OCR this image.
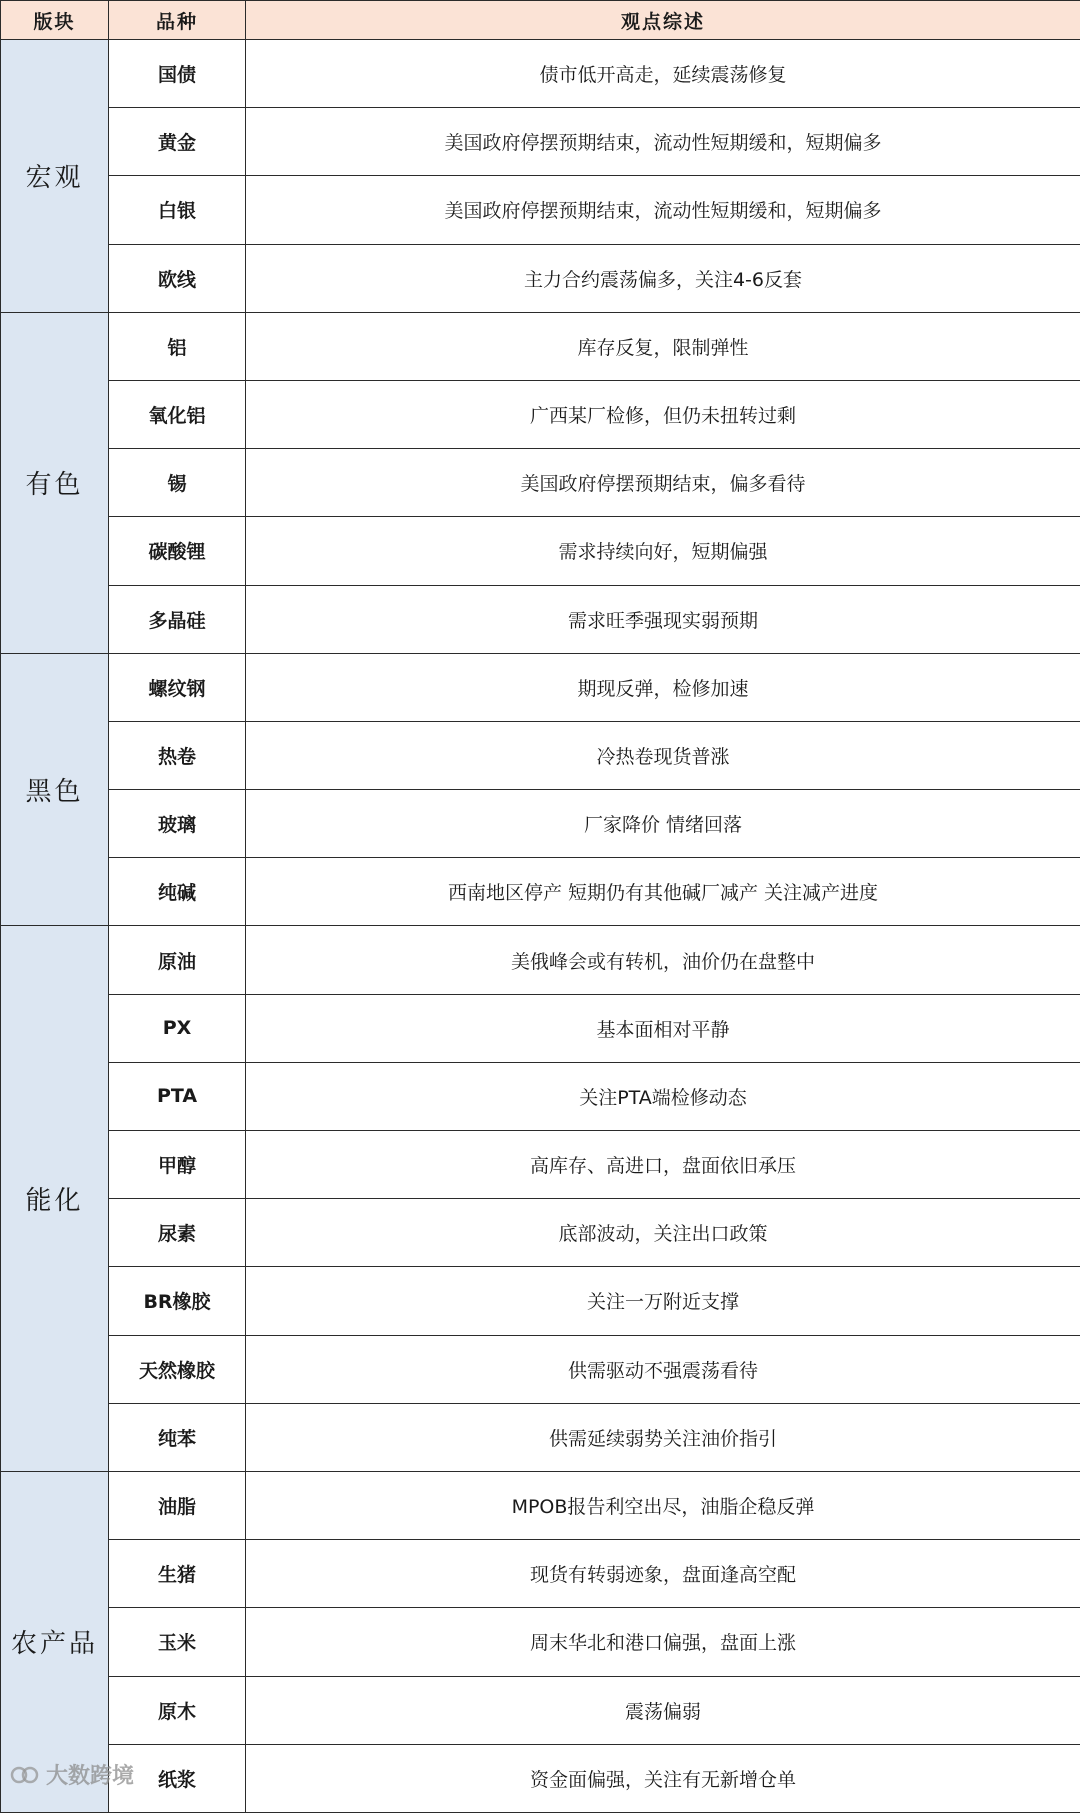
版块	品种	观点综述
宏观	国债	债市低开高走，延续震荡修复
	黄金	美国政府停摆预期结束，流动性短期缓和，短期偏多
	白银	美国政府停摆预期结束，流动性短期缓和，短期偏多
	欧线	主力合约震荡偏多，关注4-6反套
有色	铝	库存反复，限制弹性
	氧化铝	广西某厂检修，但仍未扭转过剩
	锡	美国政府停摆预期结束，偏多看待
	碳酸锂	需求持续向好，短期偏强
	多晶硅	需求旺季强现实弱预期
黑色	螺纹钢	期现反弹，检修加速
	热卷	冷热卷现货普涨
	玻璃	厂家降价 情绪回落
	纯碱	西南地区停产 短期仍有其他碱厂减产 关注减产进度
能化	原油	美俄峰会或有转机，油价仍在盘整中
	PX	基本面相对平静
	PTA	关注PTA端检修动态
	甲醇	高库存、高进口，盘面依旧承压
	尿素	底部波动，关注出口政策
	BR橡胶	关注一万附近支撑
	天然橡胶	供需驱动不强震荡看待
	纯苯	供需延续弱势关注油价指引
农产品	油脂	MPOB报告利空出尽，油脂企稳反弹
	生猪	现货有转弱迹象，盘面逢高空配
	玉米	周末华北和港口偏强，盘面上涨
	原木	震荡偏弱
	纸浆	资金面偏强，关注有无新增仓单
大数跨境
